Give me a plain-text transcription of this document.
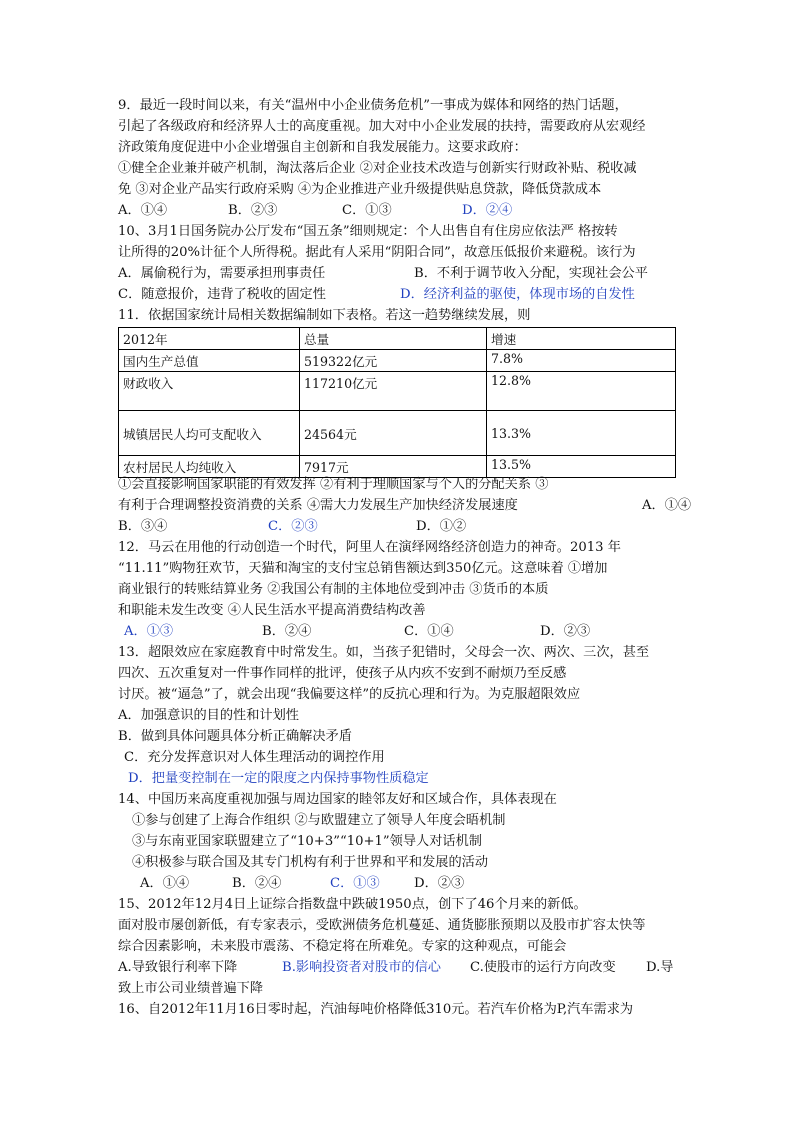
9．最近一段时间以来，有关“温州中小企业债务危机”一事成为媒体和网络的热门话题，
引起了各级政府和经济界人士的高度重视。加大对中小企业发展的扶持，需要政府从宏观经
济政策角度促进中小企业增强自主创新和自我发展能力。这要求政府：
①健全企业兼并破产机制，淘汰落后企业 ②对企业技术改造与创新实行财政补贴、税收减
免 ③对企业产品实行政府采购 ④为企业推进产业升级提供贴息贷款，降低贷款成本
A．①④	B．②③	C．①③	D．②④
10、3月1日国务院办公厅发布“国五条”细则规定：个人出售自有住房应依法严 格按转
让所得的20%计征个人所得税。据此有人采用“阴阳合同”，故意压低报价来避税。该行为
A．属偷税行为，需要承担刑事责任	B．不利于调节收入分配，实现社会公平
C．随意报价，违背了税收的固定性	D．经济利益的驱使，体现市场的自发性
11．依据国家统计局相关数据编制如下表格。若这一趋势继续发展，则
2012年	总量	增速
国内生产总值	519322亿元	7.8%
财政收入	117210亿元	12.8%
城镇居民人均可支配收入	24564元	13.3%
农村居民人均纯收入	7917元	13.5%
①会直接影响国家职能的有效发挥 ②有利于理顺国家与个人的分配关系 ③
有利于合理调整投资消费的关系 ④需大力发展生产加快经济发展速度	A．①④
B．③④	C．②③	D．①②
12．马云在用他的行动创造一个时代，阿里人在演绎网络经济创造力的神奇。2013 年
“11.11”购物狂欢节，天猫和淘宝的支付宝总销售额达到350亿元。这意味着 ①增加
商业银行的转账结算业务 ②我国公有制的主体地位受到冲击 ③货币的本质
和职能未发生改变 ④人民生活水平提高消费结构改善
A．①③	B．②④	C．①④	D．②③
13．超限效应在家庭教育中时常发生。如，当孩子犯错时，父母会一次、两次、三次，甚至
四次、五次重复对一件事作同样的批评，使孩子从内疚不安到不耐烦乃至反感
讨厌。被“逼急”了，就会出现“我偏要这样”的反抗心理和行为。为克服超限效应
A．加强意识的目的性和计划性
B．做到具体问题具体分析正确解决矛盾
C．充分发挥意识对人体生理活动的调控作用
D．把量变控制在一定的限度之内保持事物性质稳定
14、中国历来高度重视加强与周边国家的睦邻友好和区域合作，具体表现在
①参与创建了上海合作组织 ②与欧盟建立了领导人年度会晤机制
③与东南亚国家联盟建立了“10+3”“10+1”领导人对话机制
④积极参与联合国及其专门机构有利于世界和平和发展的活动
A．①④	B．②④	C．①③	D．②③
15、2012年12月4日上证综合指数盘中跌破1950点，创下了46个月来的新低。
面对股市屡创新低，有专家表示，受欧洲债务危机蔓延、通货膨胀预期以及股市扩容太快等
综合因素影响，未来股市震荡、不稳定将在所难免。专家的这种观点，可能会
A.导致银行利率下降	B.影响投资者对股市的信心 C.使股市的运行方向改变 D.导
致上市公司业绩普遍下降
16、自2012年11月16日零时起，汽油每吨价格降低310元。若汽车价格为P,汽车需求为
